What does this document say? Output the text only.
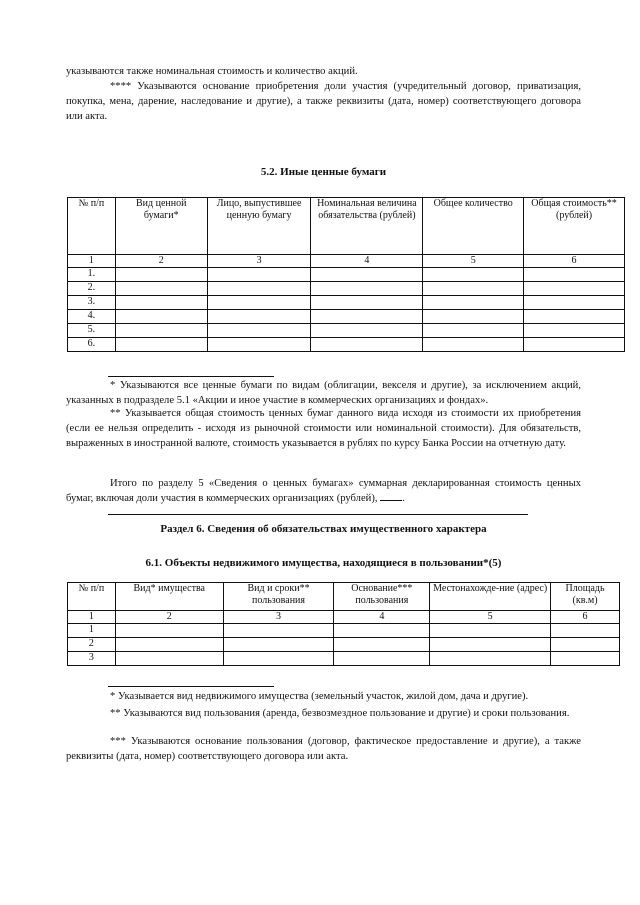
указываются также номинальная стоимость и количество акций.

**** Указываются основание приобретения доли участия (учредительный договор, приватизация, покупка, мена, дарение, наследование и другие), а также реквизиты (дата, номер) соответствующего договора или акта.

5.2. Иные ценные бумаги

№ п/п	Вид ценной бумаги*	Лицо, выпустившее ценную бумагу	Номинальная величина обязательства (рублей)	Общее количество	Общая стоимость** (рублей)
1	2	3	4	5	6
1.					
2.					
3.					
4.					
5.					
6.					

* Указываются все ценные бумаги по видам (облигации, векселя и другие), за исключением акций, указанных в подразделе 5.1 «Акции и иное участие в коммерческих организациях и фондах».

** Указывается общая стоимость ценных бумаг данного вида исходя из стоимости их приобретения (если ее нельзя определить - исходя из рыночной стоимости или номинальной стоимости). Для обязательств, выраженных в иностранной валюте, стоимость указывается в рублях по курсу Банка России на отчетную дату.

Итого по разделу 5 «Сведения о ценных бумагах» суммарная декларированная стоимость ценных бумаг, включая доли участия в коммерческих организациях (рублей), .

Раздел 6. Сведения об обязательствах имущественного характера

6.1. Объекты недвижимого имущества, находящиеся в пользовании*(5)

№ п/п	Вид* имущества	Вид и сроки** пользования	Основание*** пользования	Местонахожде-ние (адрес)	Площадь (кв.м)
1	2	3	4	5	6
1					
2					
3					

* Указывается вид недвижимого имущества (земельный участок, жилой дом, дача и другие).

** Указываются вид пользования (аренда, безвозмездное пользование и другие) и сроки пользования.

*** Указываются основание пользования (договор, фактическое предоставление и другие), а также реквизиты (дата, номер) соответствующего договора или акта.
